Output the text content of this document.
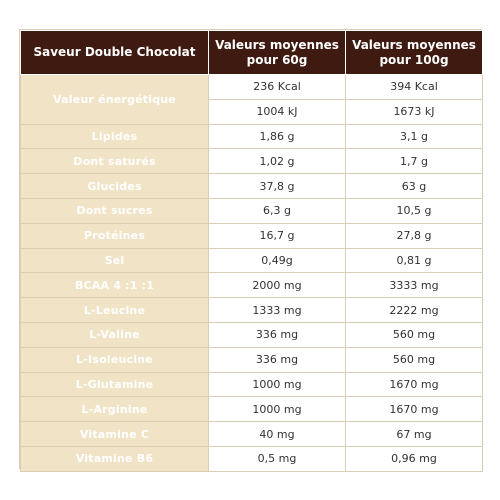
Saveur Double Chocolat	Valeurs moyennes pour 60g	Valeurs moyennes pour 100g
Valeur énergétique	236 Kcal	394 Kcal
	1004 kJ	1673 kJ
Lipides	1,86 g	3,1 g
Dont saturés	1,02 g	1,7 g
Glucides	37,8 g	63 g
Dont sucres	6,3 g	10,5 g
Protéines	16,7 g	27,8 g
Sel	0,49g	0,81 g
BCAA 4 :1 :1	2000 mg	3333 mg
L-Leucine	1333 mg	2222 mg
L-Valine	336 mg	560 mg
L-Isoleucine	336 mg	560 mg
L-Glutamine	1000 mg	1670 mg
L-Arginine	1000 mg	1670 mg
Vitamine C	40 mg	67 mg
Vitamine B6	0,5 mg	0,96 mg
